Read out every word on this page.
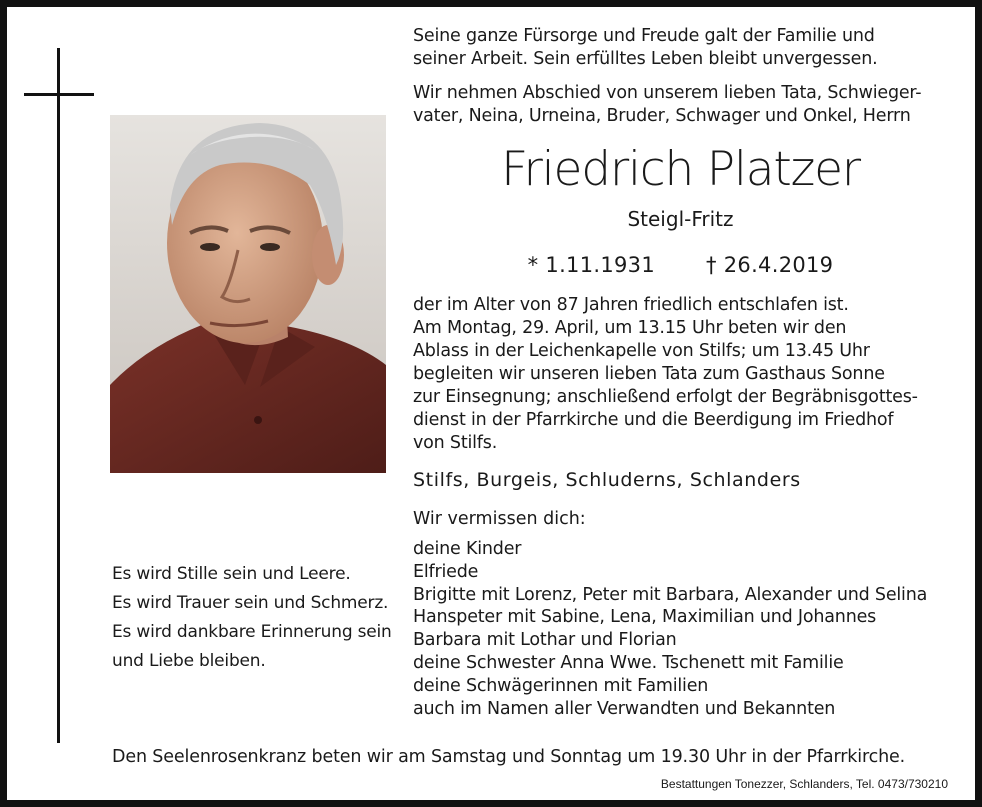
Es wird Stille sein und Leere.
Es wird Trauer sein und Schmerz.
Es wird dankbare Erinnerung sein
und Liebe bleiben.
Seine ganze Fürsorge und Freude galt der Familie und
seiner Arbeit. Sein erfülltes Leben bleibt unvergessen.
Wir nehmen Abschied von unserem lieben Tata, Schwieger-
vater, Neina, Urneina, Bruder, Schwager und Onkel, Herrn
Friedrich Platzer
Steigl-Fritz
* 1.11.1931 † 26.4.2019
der im Alter von 87 Jahren friedlich entschlafen ist.
Am Montag, 29. April, um 13.15 Uhr beten wir den
Ablass in der Leichenkapelle von Stilfs; um 13.45 Uhr
begleiten wir unseren lieben Tata zum Gasthaus Sonne
zur Einsegnung; anschließend erfolgt der Begräbnisgottes-
dienst in der Pfarrkirche und die Beerdigung im Friedhof
von Stilfs.
Stilfs, Burgeis, Schluderns, Schlanders
Wir vermissen dich:
deine Kinder
Elfriede
Brigitte mit Lorenz, Peter mit Barbara, Alexander und Selina
Hanspeter mit Sabine, Lena, Maximilian und Johannes
Barbara mit Lothar und Florian
deine Schwester Anna Wwe. Tschenett mit Familie
deine Schwägerinnen mit Familien
auch im Namen aller Verwandten und Bekannten
Den Seelenrosenkranz beten wir am Samstag und Sonntag um 19.30 Uhr in der Pfarrkirche.
Bestattungen Tonezzer, Schlanders, Tel. 0473/730210
